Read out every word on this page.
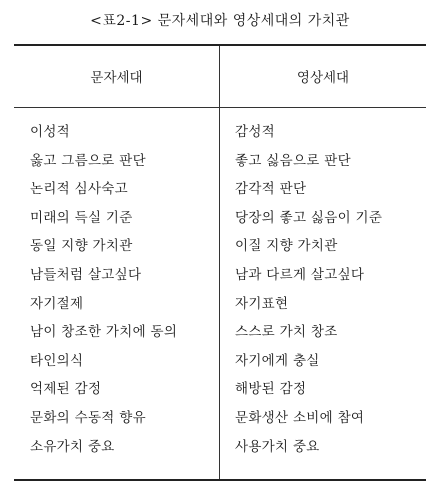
<표2-1> 문자세대와 영상세대의 가치관
문자세대	영상세대
이성적
옳고 그름으로 판단
논리적 심사숙고
미래의 득실 기준
동일 지향 가치관
남들처럼 살고싶다
자기절제
남이 창조한 가치에 동의
타인의식
억제된 감정
문화의 수동적 향유
소유가치 중요
감성적
좋고 싫음으로 판단
감각적 판단
당장의 좋고 싫음이 기준
이질 지향 가치관
남과 다르게 살고싶다
자기표현
스스로 가치 창조
자기에게 충실
해방된 감정
문화생산 소비에 참여
사용가치 중요
